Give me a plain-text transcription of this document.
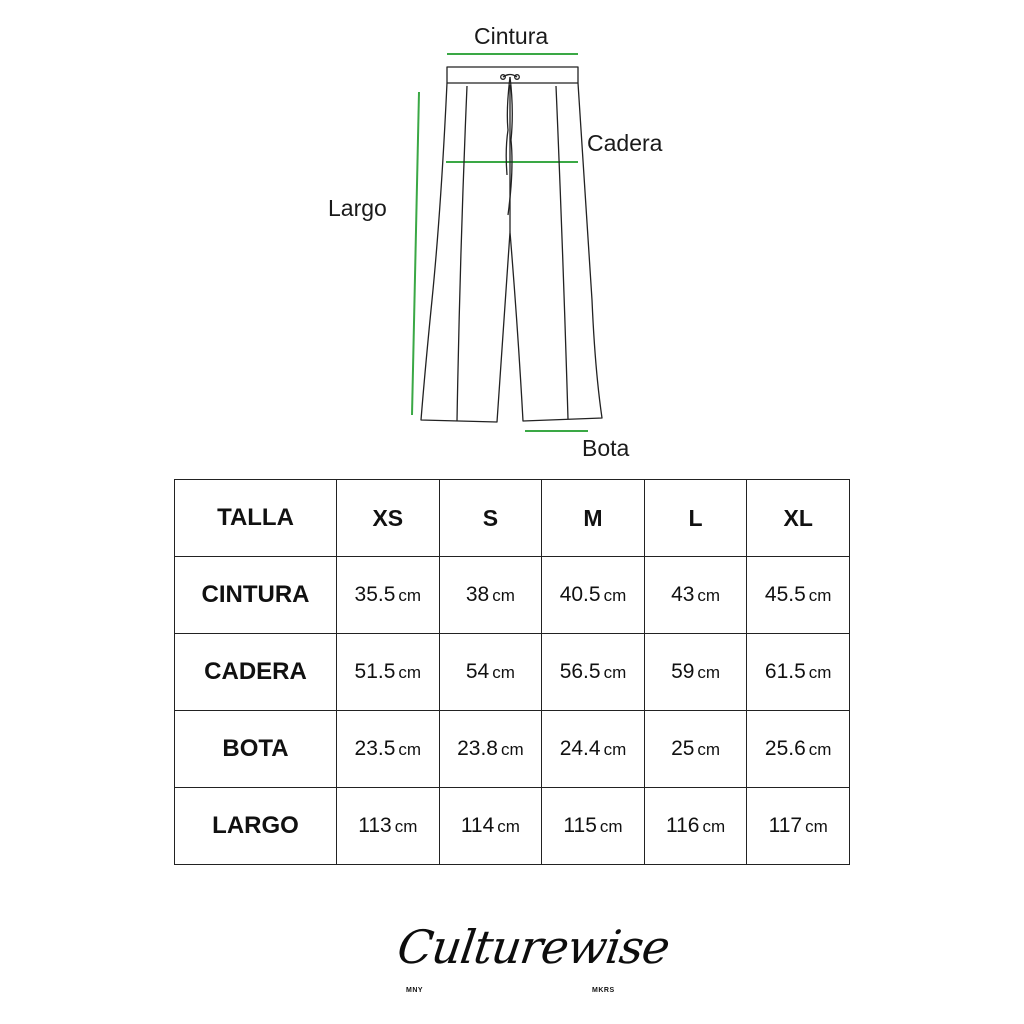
Cintura
Cadera
Largo
Bota
TALLA	XS	S	M	L	XL
CINTURA	35.5 cm	38 cm	40.5 cm	43 cm	45.5 cm
CADERA	51.5 cm	54 cm	56.5 cm	59 cm	61.5 cm
BOTA	23.5 cm	23.8 cm	24.4 cm	25 cm	25.6 cm
LARGO	113 cm	114 cm	115 cm	116 cm	117 cm
Culturewise
MNY	MKRS
